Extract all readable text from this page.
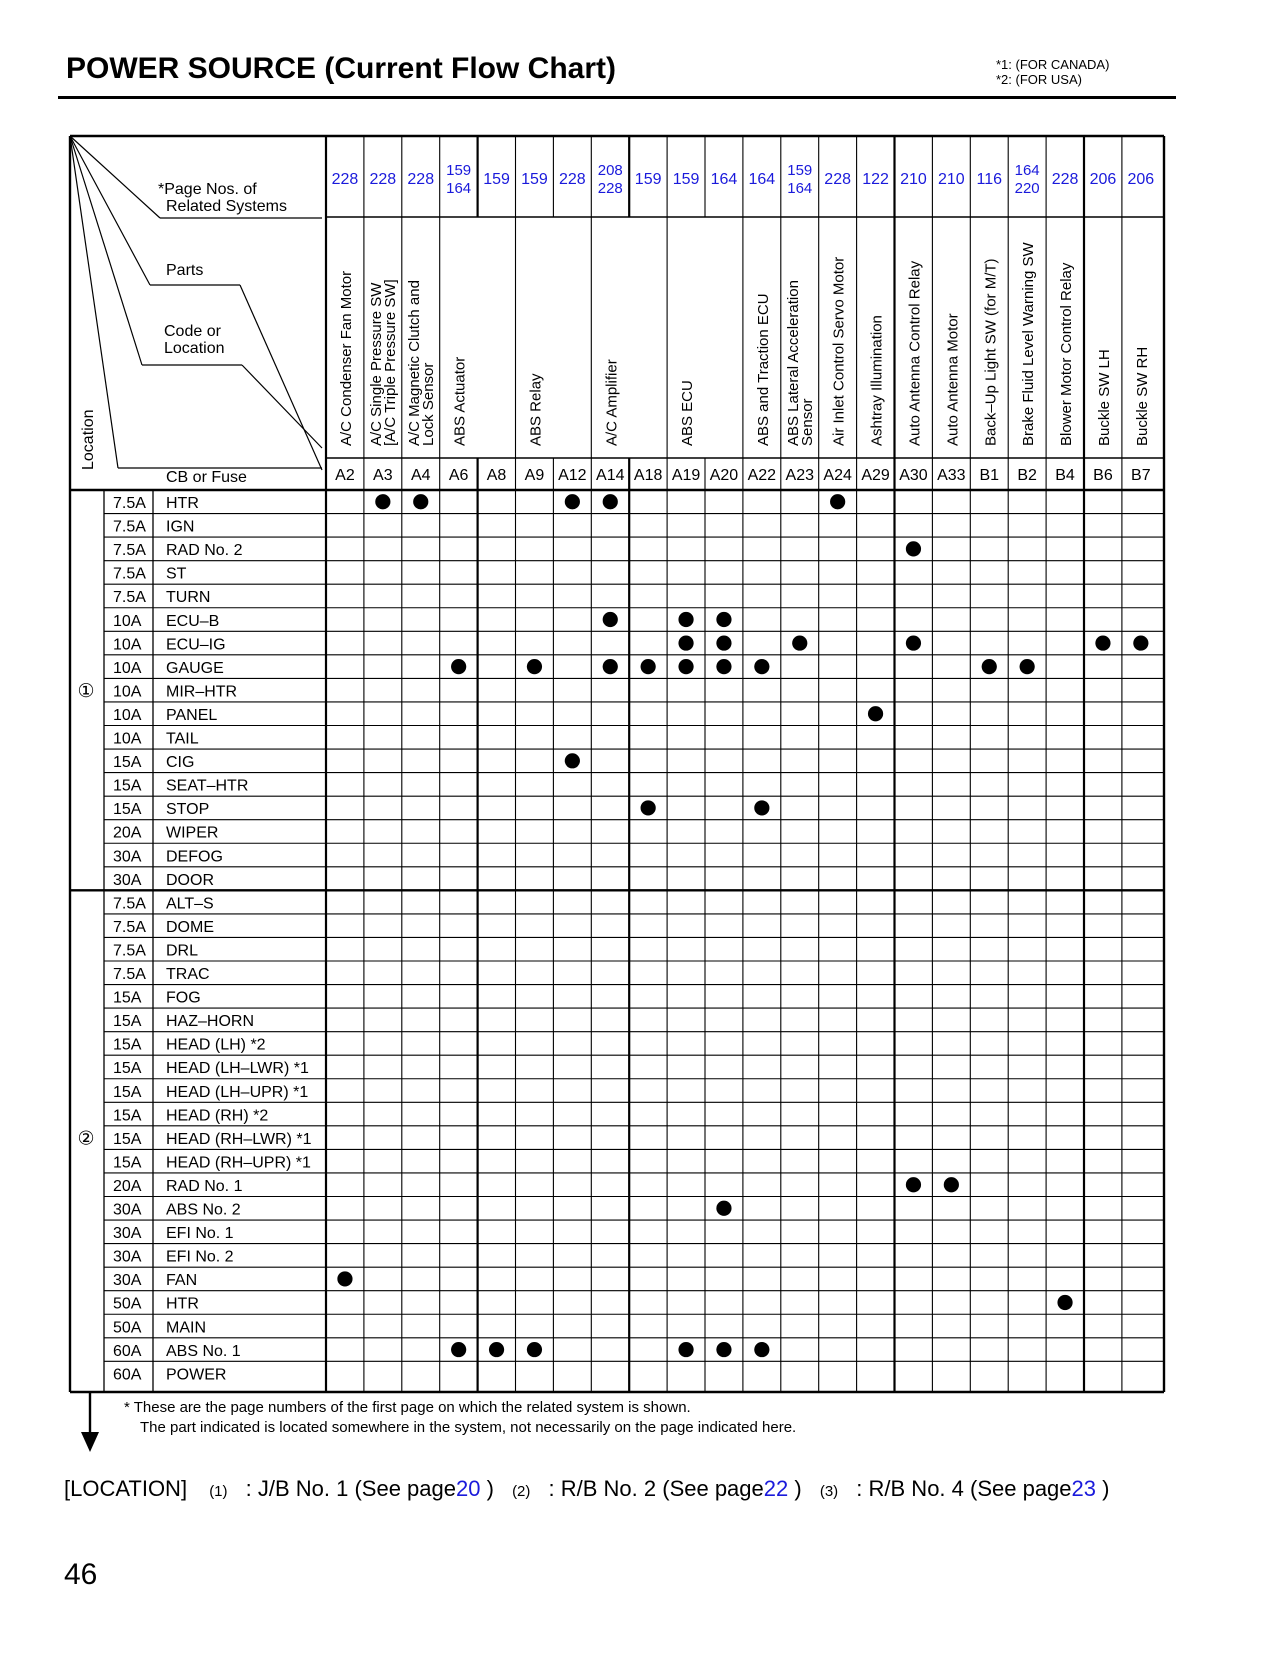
POWER SOURCE (Current Flow Chart)	*1: (FOR CANADA)
*2: (FOR USA)
*Page Nos. of
Related Systems
Parts
Code or
Location
CB or Fuse
Location
228
A/C Condenser Fan Motor
A2
228
A/C Single Pressure SW
[A/C Triple Pressure SW]
A3
228
A/C Magnetic Clutch and
Lock Sensor
A4
159
164
ABS Actuator
A6
159
A8
159
ABS Relay
A9
228
A12
208
228
A/C Amplifier
A14
159
A18
159
ABS ECU
A19
164
A20
164
ABS and Traction ECU
A22
159
164
ABS Lateral Acceleration
Sensor
A23
228
Air Inlet Control Servo Motor
A24
122
Ashtray Illumination
A29
210
Auto Antenna Control Relay
A30
210
Auto Antenna Motor
A33
116
Back–Up Light SW (for M/T)
B1
164
220
Brake Fluid Level Warning SW
B2
228
Blower Motor Control Relay
B4
206
Buckle SW LH
B6
206
Buckle SW RH
B7
7.5A HTR
7.5A IGN
7.5A RAD No. 2
7.5A ST
7.5A TURN
10A ECU–B
10A ECU–IG
10A GAUGE
10A MIR–HTR
10A PANEL
10A TAIL
15A CIG
15A SEAT–HTR
15A STOP
20A WIPER
30A DEFOG
30A DOOR
7.5A ALT–S
7.5A DOME
7.5A DRL
7.5A TRAC
15A FOG
15A HAZ–HORN
15A HEAD (LH) *2
15A HEAD (LH–LWR) *1
15A HEAD (LH–UPR) *1
15A HEAD (RH) *2
15A HEAD (RH–LWR) *1
15A HEAD (RH–UPR) *1
20A RAD No. 1
30A ABS No. 2
30A EFI No. 1
30A EFI No. 2
30A FAN
50A HTR
50A MAIN
60A ABS No. 1
60A POWER
①
②
* These are the page numbers of the first page on which the related system is shown.
The part indicated is located somewhere in the system, not necessarily on the page indicated here.
[LOCATION] (1) : J/B No. 1 (See page20 ) (2) : R/B No. 2 (See page22 ) (3) : R/B No. 4 (See page23 )
46
